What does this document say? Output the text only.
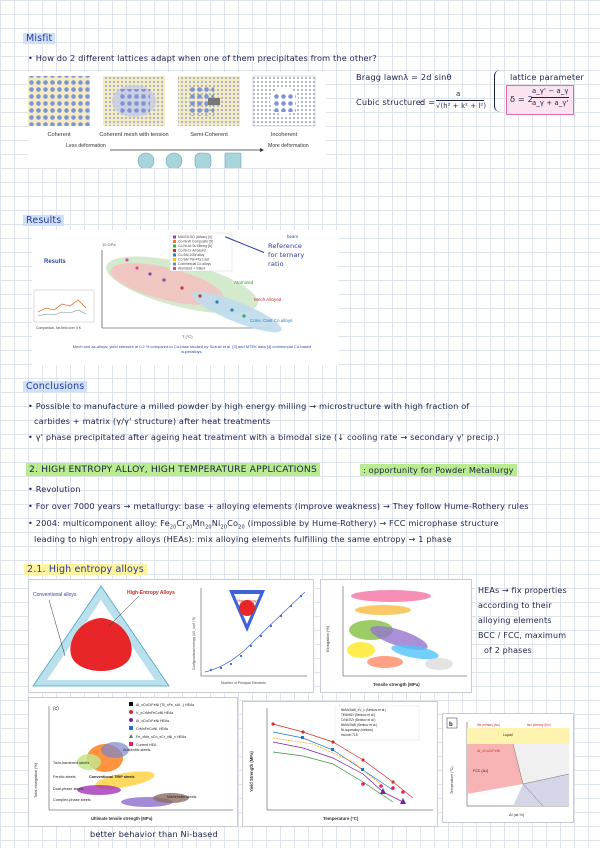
Misfit
• How do 2 different lattices adapt when one of them precipitates from the other?
Coherent	Coherent mesh with tension	Semi-Coherent	Incoherent
Less deformation	More deformation
Bragg law:
nλ = 2d sinθ
Cubic structure:
d =
a
√(h² + k² + l²)
lattice parameter
δ = 2
a_γ' − a_γ
a_γ + a_γ'
Results
Results
10 GPa
Atomized
Mech Alloyed
Conv. Cast Co alloys
MA/GS-SD (Allvac) [4]
Co-Ni-W Composite [5]
Co-Ni-Al-Ta Stirring [6]
Co-Ni-Cr-Al based
Co-9Al-10W alloy
Co-9Al-7W-4Ta Cast
Commercial Co alloys
Atomized + milled
Comparison, far-field over 0 K
T (°C)
beam
Mech and as-alloys; yield stresses at 0.2 % compared to Co-base studied by Suzuki et al. [3] and MTEK data [4] commercial Co-based superalloys.
Reference for ternary ratio
Conclusions
• Possible to manufacture a milled powder by high energy milling → microstructure with high fraction of
carbides + matrix (γ/γ' structure) after heat treatments
• γ' phase precipitated after ageing heat treatment with a bimodal size (↓ cooling rate → secondary γ' precip.)
2. HIGH ENTROPY ALLOY, HIGH TEMPERATURE APPLICATIONS	: opportunity for Powder Metallurgy
• Revolution
• For over 7000 years → metallurgy: base + alloying elements (improve weakness) → They follow Hume-Rothery rules
• 2004: multicomponent alloy: $Fe_{20}Cr_{20}Mn_{20}Ni_{20}Co_{20}$ (impossible by Hume-Rothery) → FCC microphase structure
leading to high entropy alloys (HEAs): mix alloying elements fulfilling the same entropy → 1 phase
2.1. High entropy alloys
Conventional alloys	High-Entropy Alloys
High-entropy
Configurational entropy (ΔS_conf / R)
Number of Principal Elements
Elongation (%)
Tensile strength (MPa)
HEAs → fix properties
according to their
alloying elements
BCC / FCC, maximum
of 2 phases
(c)
Austenitic steels
Twin-hardened steels
Ferritic steels	Conventional TRIP steels
Dual-phase steels
Martensitic steels
Complex-phase steels
Al_xCoCrFeNi (Tii_xFe_xAl...) HEAs
V_xCrMnFeCoNi HEAs
Al_xCoCrFeNi HEAs
CrMnFeCoNi, HEAs
Fe_xMn_xCo_xCr_xNi_x HEAs
Current HEA
Total elongation (%)
Ultimate tensile strength (MPa)
NbMoTaW_xV_x (Senkov et al.)
TiNbHfZr (Senkov et al.)
CrNbTiZr (Senkov et al.)
NbMoTaW (Senkov et al.)
Ni-superalloy (various)
Inconel 718
Yield Strength (MPa)
Temperature (°C)
b	the primary (fcc)	two primary (fcc)
Liquid
Al_xCoCrFeNi
FCC (A1)
Temperature (°C)
Al (at.%)
better behavior than Ni-based
